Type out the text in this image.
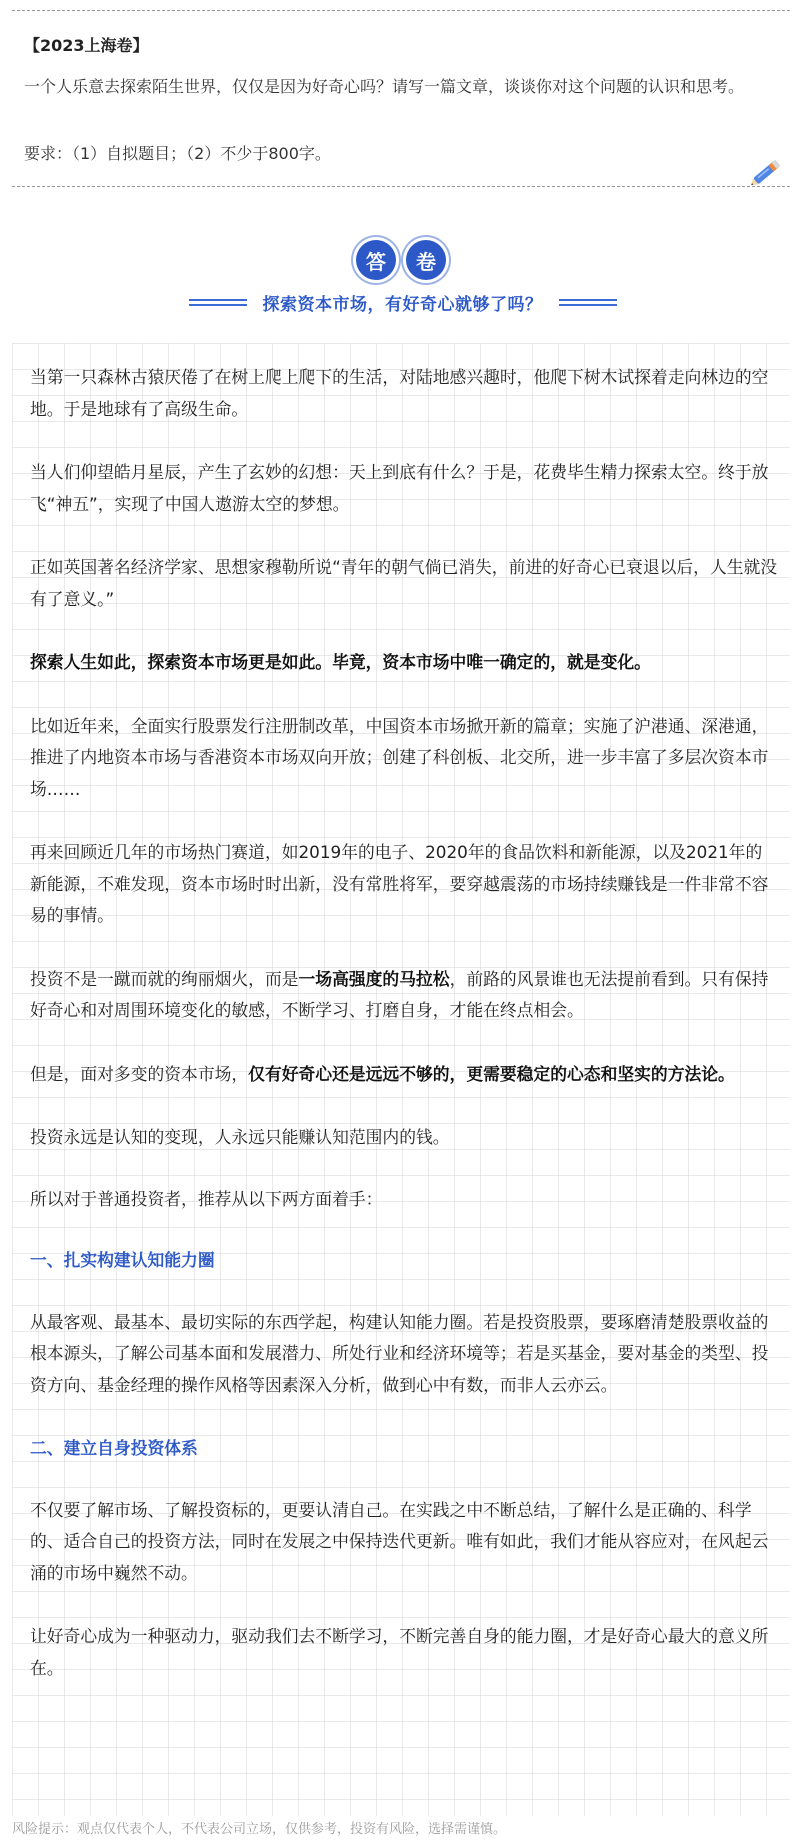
【2023上海卷】
一个人乐意去探索陌生世界，仅仅是因为好奇心吗？请写一篇文章，谈谈你对这个问题的认识和思考。
要求：（1）自拟题目；（2）不少于800字。
答	卷
探索资本市场，有好奇心就够了吗？

当第一只森林古猿厌倦了在树上爬上爬下的生活，对陆地感兴趣时，他爬下树木试探着走向林边的空地。于是地球有了高级生命。

当人们仰望皓月星辰，产生了玄妙的幻想：天上到底有什么？于是，花费毕生精力探索太空。终于放飞“神五”，实现了中国人遨游太空的梦想。

正如英国著名经济学家、思想家穆勒所说“青年的朝气倘已消失，前进的好奇心已衰退以后，人生就没有了意义。”

探索人生如此，探索资本市场更是如此。毕竟，资本市场中唯一确定的，就是变化。

比如近年来，全面实行股票发行注册制改革，中国资本市场掀开新的篇章；实施了沪港通、深港通，推进了内地资本市场与香港资本市场双向开放；创建了科创板、北交所，进一步丰富了多层次资本市场……

再来回顾近几年的市场热门赛道，如2019年的电子、2020年的食品饮料和新能源，以及2021年的新能源，不难发现，资本市场时时出新，没有常胜将军，要穿越震荡的市场持续赚钱是一件非常不容易的事情。

投资不是一蹴而就的绚丽烟火，而是一场高强度的马拉松，前路的风景谁也无法提前看到。只有保持好奇心和对周围环境变化的敏感，不断学习、打磨自身，才能在终点相会。

但是，面对多变的资本市场，仅有好奇心还是远远不够的，更需要稳定的心态和坚实的方法论。

投资永远是认知的变现，人永远只能赚认知范围内的钱。

所以对于普通投资者，推荐从以下两方面着手：

一、扎实构建认知能力圈

从最客观、最基本、最切实际的东西学起，构建认知能力圈。若是投资股票，要琢磨清楚股票收益的根本源头，了解公司基本面和发展潜力、所处行业和经济环境等；若是买基金，要对基金的类型、投资方向、基金经理的操作风格等因素深入分析，做到心中有数，而非人云亦云。

二、建立自身投资体系

不仅要了解市场、了解投资标的，更要认清自己。在实践之中不断总结，了解什么是正确的、科学的、适合自己的投资方法，同时在发展之中保持迭代更新。唯有如此，我们才能从容应对，在风起云涌的市场中巍然不动。

让好奇心成为一种驱动力，驱动我们去不断学习，不断完善自身的能力圈，才是好奇心最大的意义所在。

风险提示：观点仅代表个人，不代表公司立场，仅供参考，投资有风险，选择需谨慎。
